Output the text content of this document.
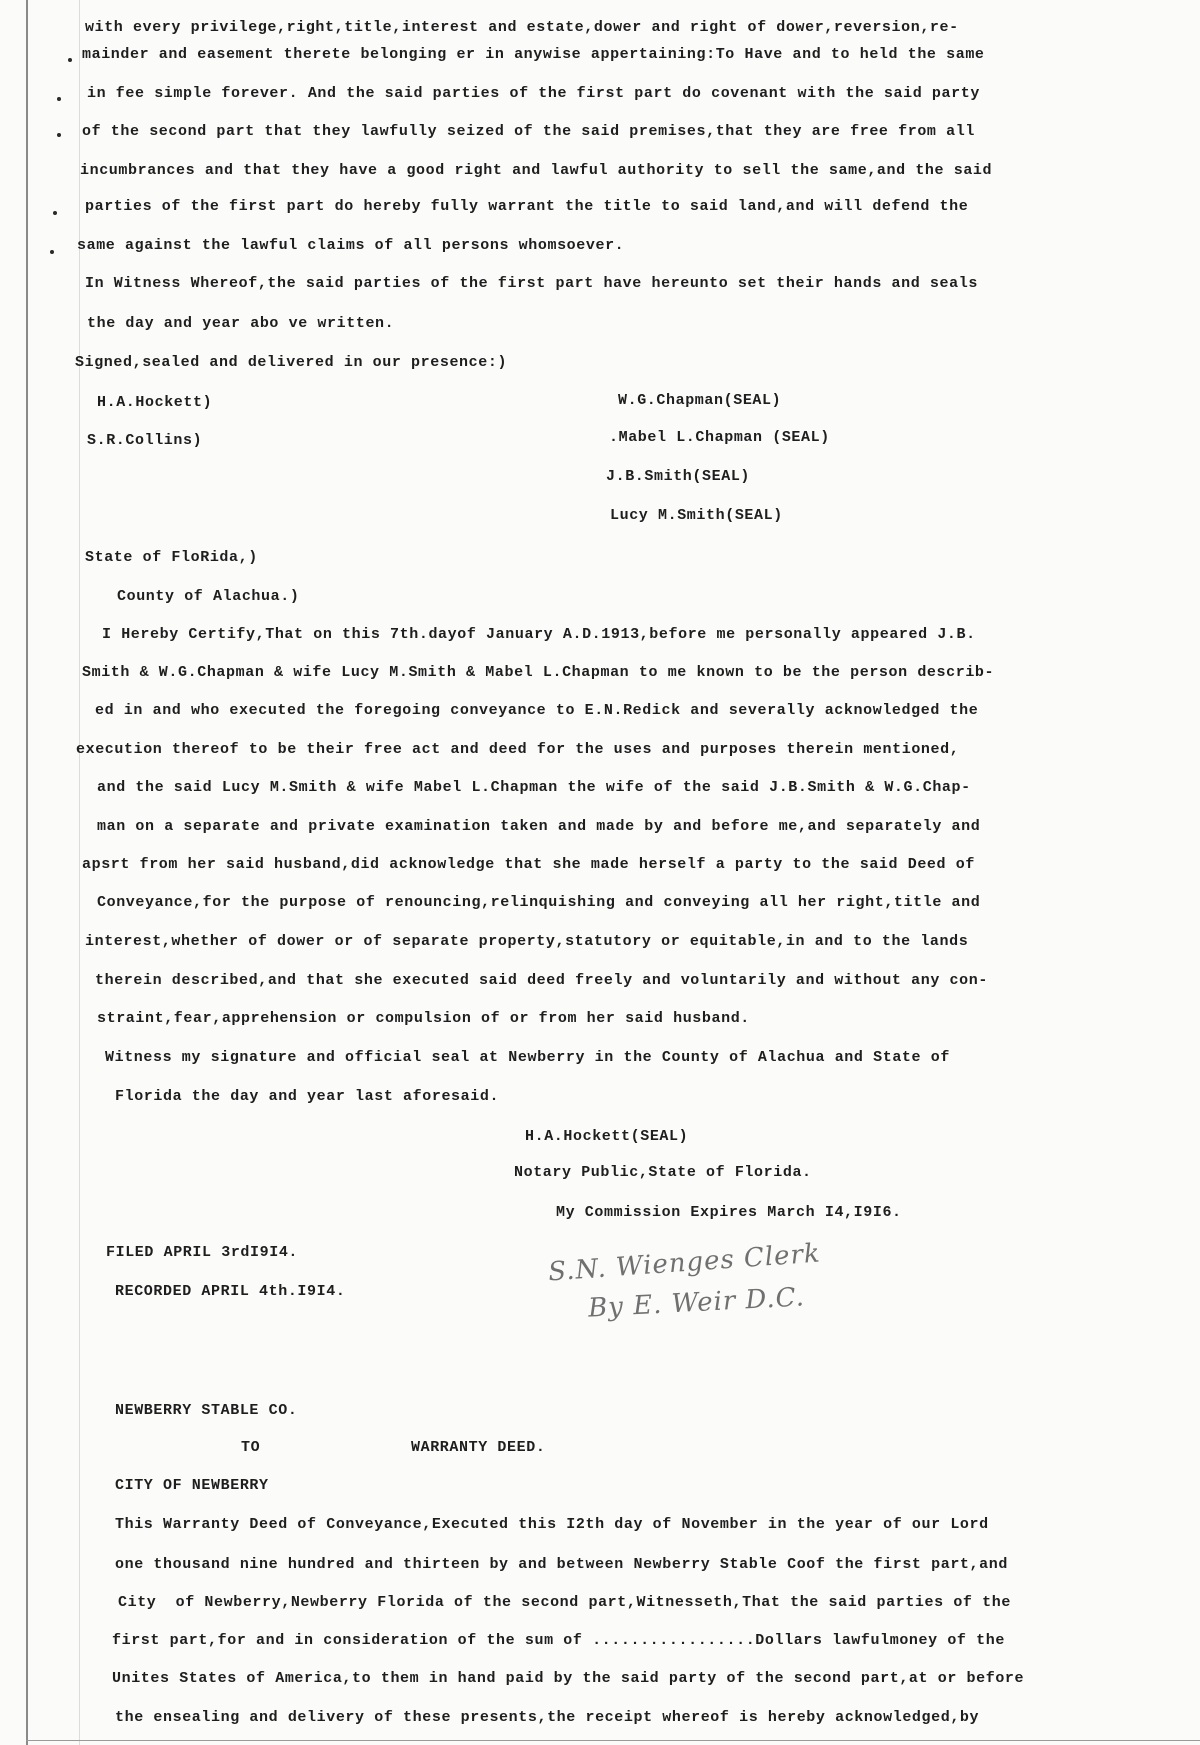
with every privilege,right,title,interest and estate,dower and right of dower,reversion,re-
mainder and easement therete belonging er in anywise appertaining:To Have and to held the same
in fee simple forever. And the said parties of the first part do covenant with the said party
of the second part that they lawfully seized of the said premises,that they are free from all
incumbrances and that they have a good right and lawful authority to sell the same,and the said
parties of the first part do hereby fully warrant the title to said land,and will defend the
same against the lawful claims of all persons whomsoever.
In Witness Whereof,the said parties of the first part have hereunto set their hands and seals
the day and year abo ve written.
Signed,sealed and delivered in our presence:)
H.A.Hockett)
S.R.Collins)
W.G.Chapman(SEAL)
.Mabel L.Chapman (SEAL)
J.B.Smith(SEAL)
Lucy M.Smith(SEAL)
State of FloRida,)
County of Alachua.)
I Hereby Certify,That on this 7th.dayof January A.D.1913,before me personally appeared J.B.
Smith & W.G.Chapman & wife Lucy M.Smith & Mabel L.Chapman to me known to be the person describ-
ed in and who executed the foregoing conveyance to E.N.Redick and severally acknowledged the
execution thereof to be their free act and deed for the uses and purposes therein mentioned,
and the said Lucy M.Smith & wife Mabel L.Chapman the wife of the said J.B.Smith & W.G.Chap-
man on a separate and private examination taken and made by and before me,and separately and
apsrt from her said husband,did acknowledge that she made herself a party to the said Deed of
Conveyance,for the purpose of renouncing,relinquishing and conveying all her right,title and
interest,whether of dower or of separate property,statutory or equitable,in and to the lands
therein described,and that she executed said deed freely and voluntarily and without any con-
straint,fear,apprehension or compulsion of or from her said husband.
Witness my signature and official seal at Newberry in the County of Alachua and State of
Florida the day and year last aforesaid.
H.A.Hockett(SEAL)
Notary Public,State of Florida.
My Commission Expires March I4,I9I6.
FILED APRIL 3rdI9I4.
RECORDED APRIL 4th.I9I4.
S.N. Wienges Clerk
By E. Weir D.C.
NEWBERRY STABLE CO.
TO	WARRANTY DEED.
CITY OF NEWBERRY
This Warranty Deed of Conveyance,Executed this I2th day of November in the year of our Lord
one thousand nine hundred and thirteen by and between Newberry Stable Coof the first part,and
City  of Newberry,Newberry Florida of the second part,Witnesseth,That the said parties of the
first part,for and in consideration of the sum of .................Dollars lawfulmoney of the
Unites States of America,to them in hand paid by the said party of the second part,at or before
the ensealing and delivery of these presents,the receipt whereof is hereby acknowledged,by
